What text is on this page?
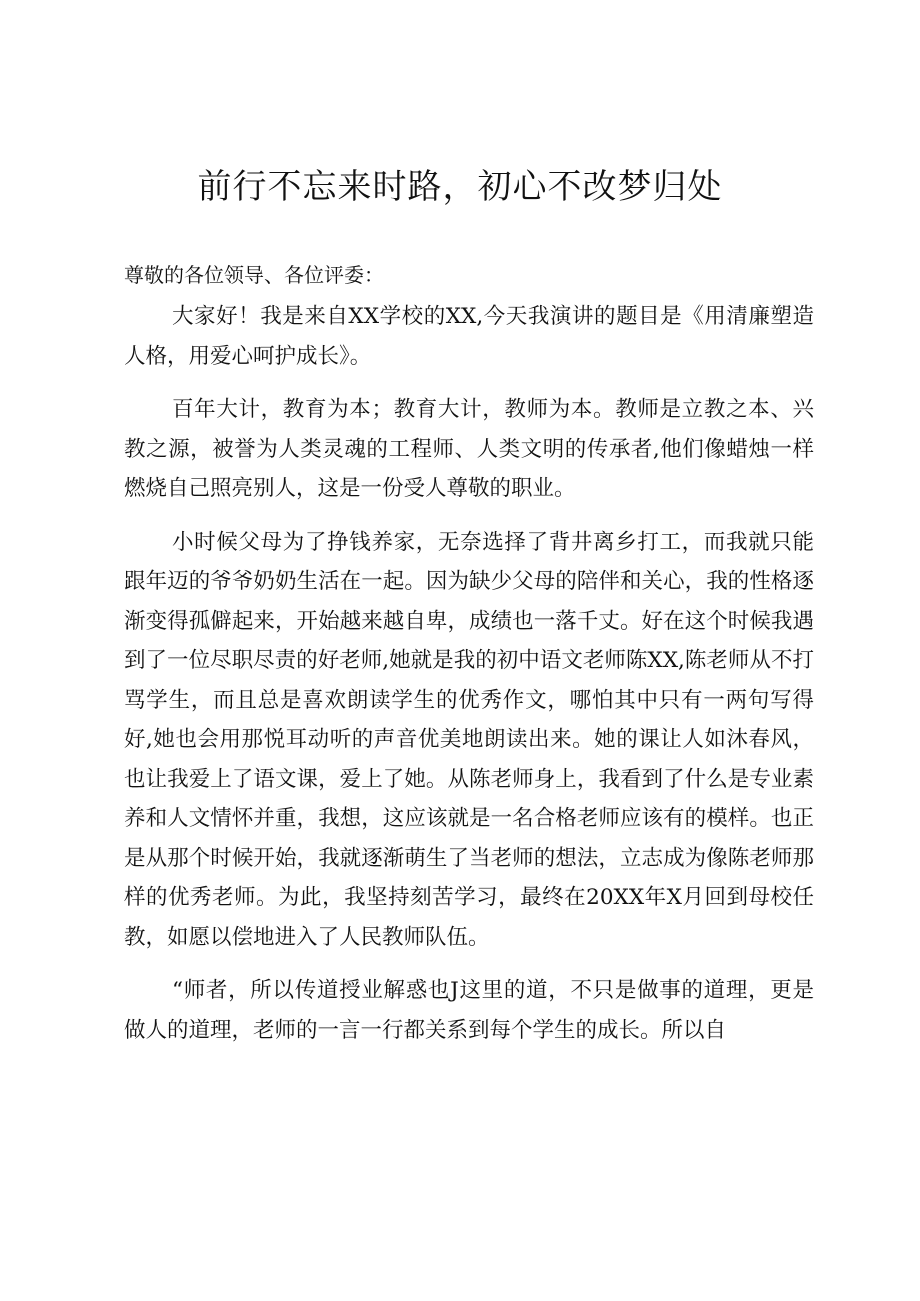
前行不忘来时路，初心不改梦归处

尊敬的各位领导、各位评委：

大家好！我是来自XX学校的XX,今天我演讲的题目是《用清廉塑造人格，用爱心呵护成长》。

百年大计，教育为本；教育大计，教师为本。教师是立教之本、兴教之源，被誉为人类灵魂的工程师、人类文明的传承者,他们像蜡烛一样燃烧自己照亮别人，这是一份受人尊敬的职业。

小时候父母为了挣钱养家，无奈选择了背井离乡打工，而我就只能跟年迈的爷爷奶奶生活在一起。因为缺少父母的陪伴和关心，我的性格逐渐变得孤僻起来，开始越来越自卑，成绩也一落千丈。好在这个时候我遇到了一位尽职尽责的好老师,她就是我的初中语文老师陈XX,陈老师从不打骂学生，而且总是喜欢朗读学生的优秀作文，哪怕其中只有一两句写得好,她也会用那悦耳动听的声音优美地朗读出来。她的课让人如沐春风，也让我爱上了语文课，爱上了她。从陈老师身上，我看到了什么是专业素养和人文情怀并重，我想，这应该就是一名合格老师应该有的模样。也正是从那个时候开始，我就逐渐萌生了当老师的想法，立志成为像陈老师那样的优秀老师。为此，我坚持刻苦学习，最终在20XX年X月回到母校任教，如愿以偿地进入了人民教师队伍。

“师者，所以传道授业解惑也J这里的道，不只是做事的道理，更是做人的道理，老师的一言一行都关系到每个学生的成长。所以自
